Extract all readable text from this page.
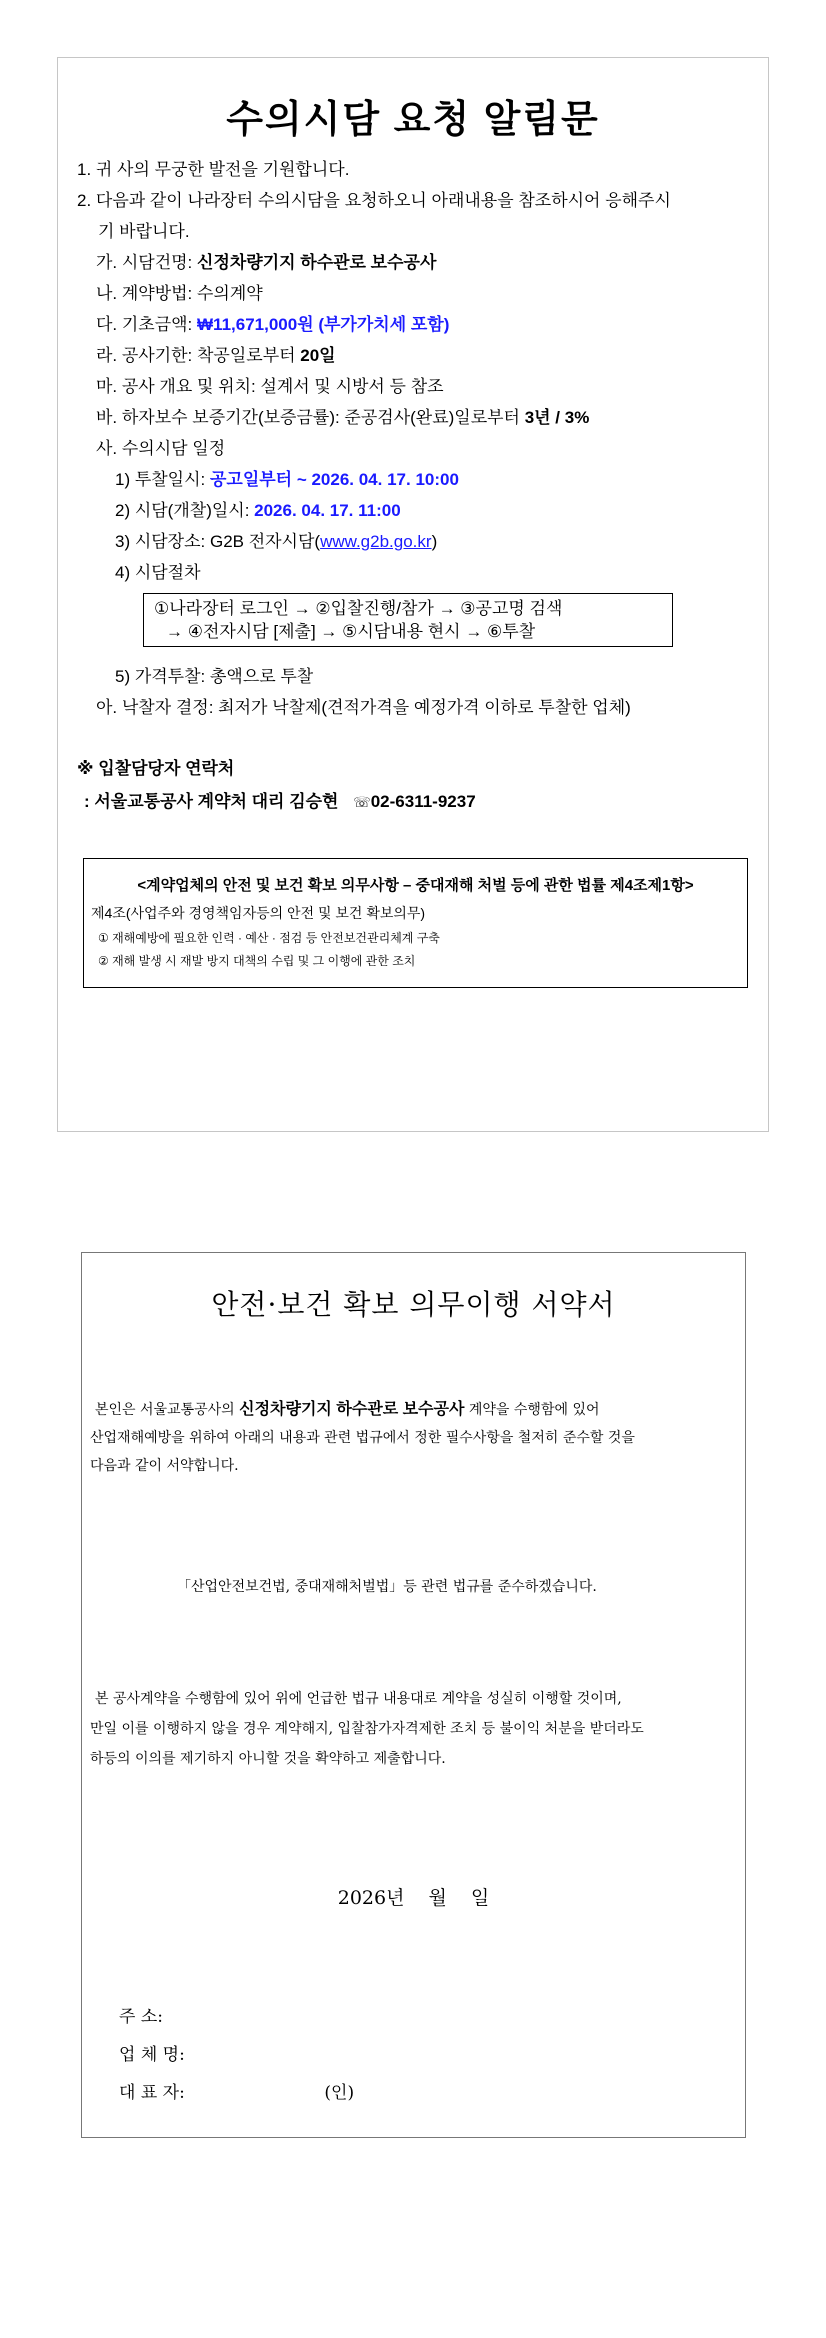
수의시담 요청 알림문
1. 귀 사의 무궁한 발전을 기원합니다.
2. 다음과 같이 나라장터 수의시담을 요청하오니 아래내용을 참조하시어 응해주시
기 바랍니다.
가. 시담건명: 신정차량기지 하수관로 보수공사
나. 계약방법: 수의계약
다. 기초금액: ₩11,671,000원 (부가가치세 포함)
라. 공사기한: 착공일로부터 20일
마. 공사 개요 및 위치: 설계서 및 시방서 등 참조
바. 하자보수 보증기간(보증금률): 준공검사(완료)일로부터 3년 / 3%
사. 수의시담 일정
1) 투찰일시: 공고일부터 ~ 2026. 04. 17. 10:00
2) 시담(개찰)일시: 2026. 04. 17. 11:00
3) 시담장소: G2B 전자시담(www.g2b.go.kr)
4) 시담절차
①나라장터 로그인 → ②입찰진행/참가 → ③공고명 검색
→ ④전자시담 [제출] → ⑤시담내용 현시 → ⑥투찰
5) 가격투찰: 총액으로 투찰
아. 낙찰자 결정: 최저가 낙찰제(견적가격을 예정가격 이하로 투찰한 업체)
※ 입찰담당자 연락처
: 서울교통공사 계약처 대리 김승현 ☏02-6311-9237
<계약업체의 안전 및 보건 확보 의무사항 – 중대재해 처벌 등에 관한 법률 제4조제1항>
제4조(사업주와 경영책임자등의 안전 및 보건 확보의무)
① 재해예방에 필요한 인력 · 예산 · 점검 등 안전보건관리체계 구축
② 재해 발생 시 재발 방지 대책의 수립 및 그 이행에 관한 조치
안전·보건 확보 의무이행 서약서
본인은 서울교통공사의 신정차량기지 하수관로 보수공사 계약을 수행함에 있어
산업재해예방을 위하여 아래의 내용과 관련 법규에서 정한 필수사항을 철저히 준수할 것을
다음과 같이 서약합니다.
「산업안전보건법, 중대재해처벌법」등 관련 법규를 준수하겠습니다.
본 공사계약을 수행함에 있어 위에 언급한 법규 내용대로 계약을 성실히 이행할 것이며,
만일 이를 이행하지 않을 경우 계약해지, 입찰참가자격제한 조치 등 불이익 처분을 받더라도
하등의 이의를 제기하지 아니할 것을 확약하고 제출합니다.
2026년 월 일
주 소:
업 체 명:
대 표 자:	(인)
